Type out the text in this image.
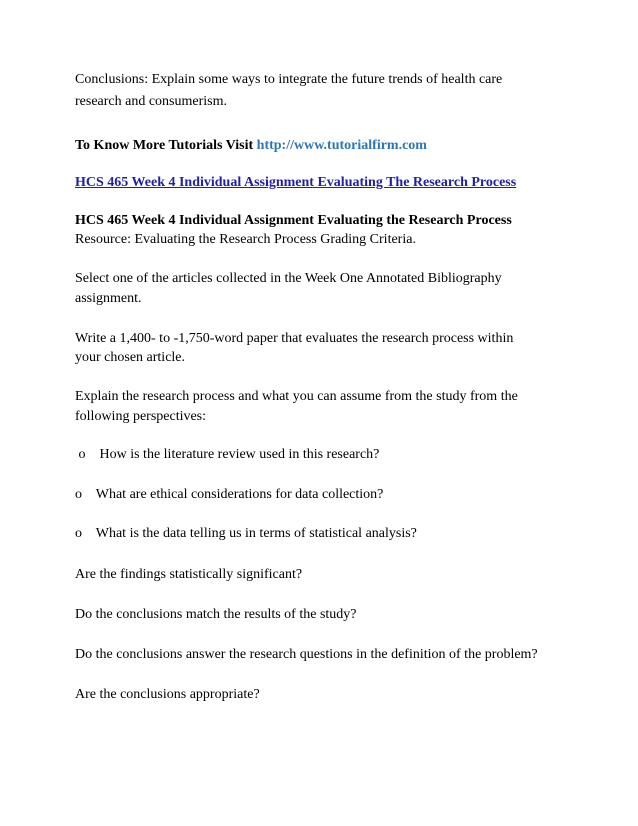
Conclusions: Explain some ways to integrate the future trends of health care
research and consumerism.
To Know More Tutorials Visit http://www.tutorialfirm.com
HCS 465 Week 4 Individual Assignment Evaluating The Research Process
HCS 465 Week 4 Individual Assignment Evaluating the Research Process
Resource: Evaluating the Research Process Grading Criteria.
Select one of the articles collected in the Week One Annotated Bibliography
assignment.
Write a 1,400- to -1,750-word paper that evaluates the research process within
your chosen article.
Explain the research process and what you can assume from the study from the
following perspectives:
o    How is the literature review used in this research?
o    What are ethical considerations for data collection?
o    What is the data telling us in terms of statistical analysis?
Are the findings statistically significant?
Do the conclusions match the results of the study?
Do the conclusions answer the research questions in the definition of the problem?
Are the conclusions appropriate?
